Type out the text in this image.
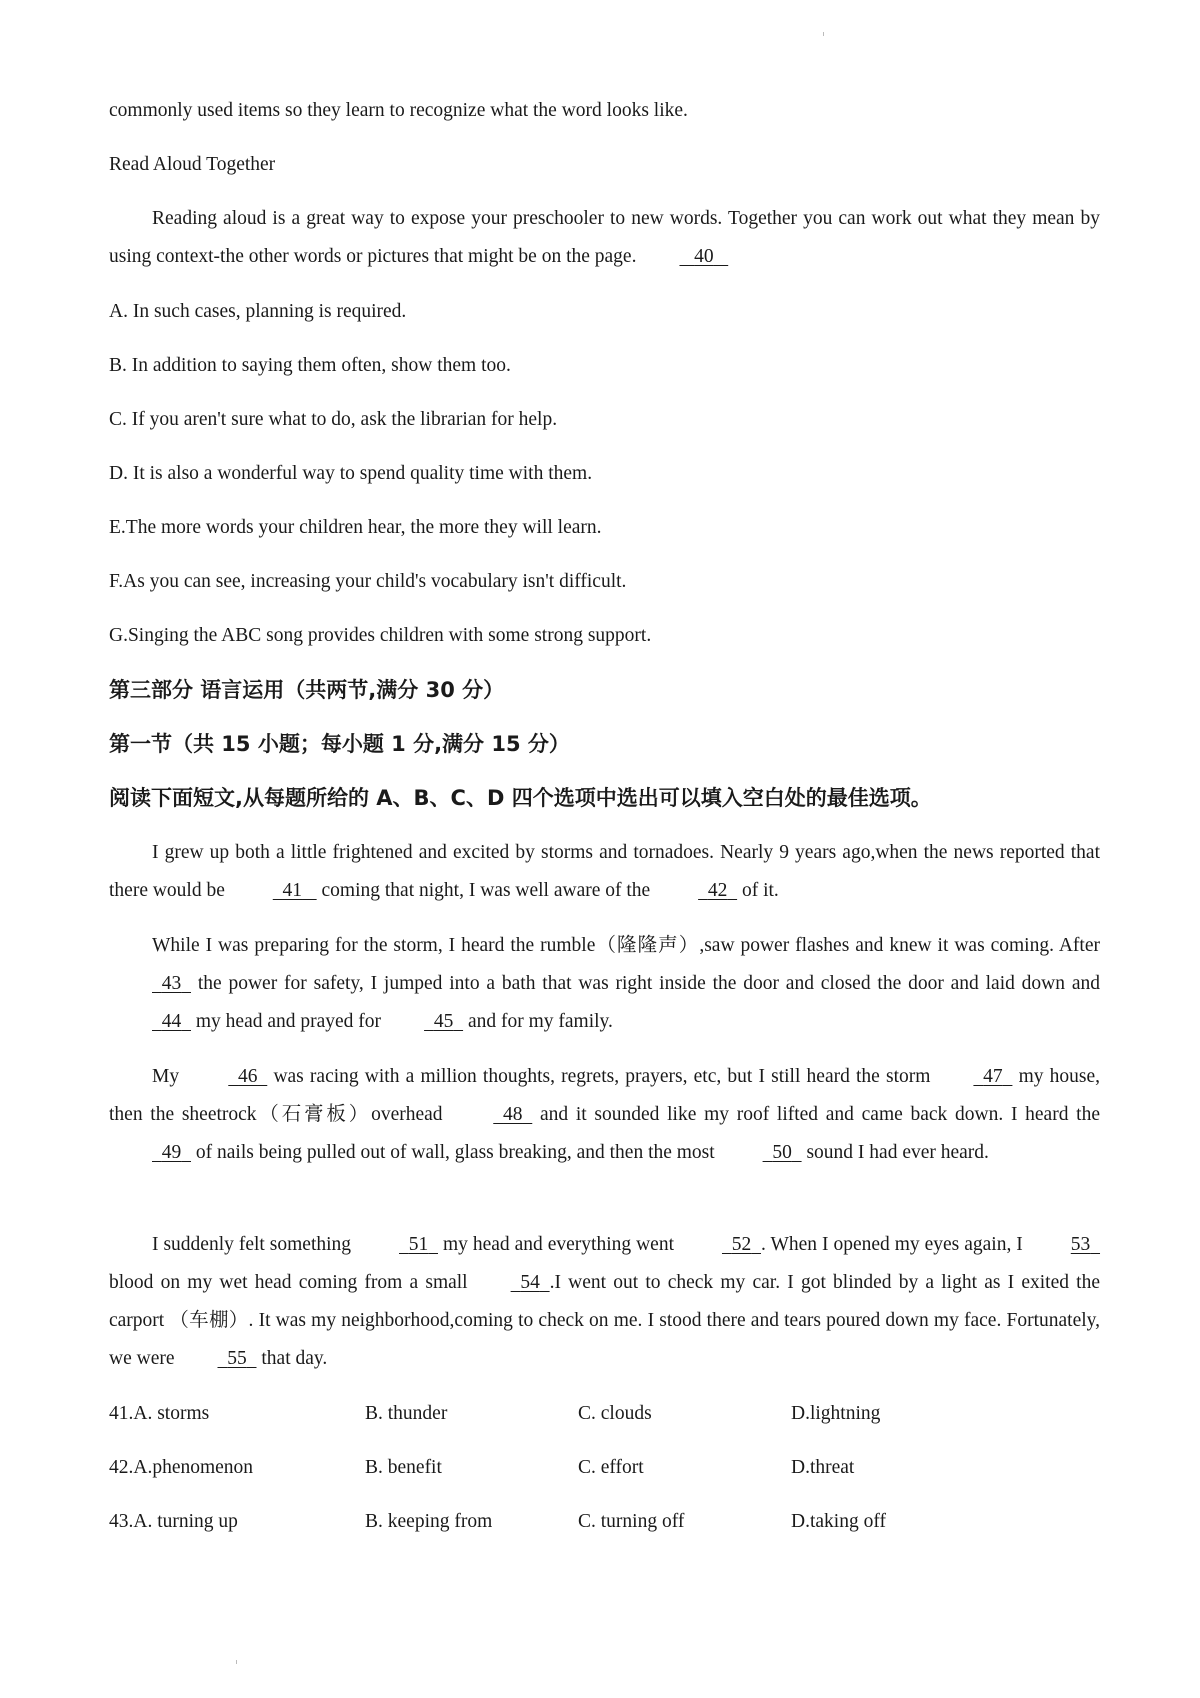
commonly used items so they learn to recognize what the word looks like.

Read Aloud Together

Reading aloud is a great way to expose your preschooler to new words. Together you can work out what they mean by using context-the other words or pictures that might be on the page.	40

A. In such cases, planning is required.

B. In addition to saying them often, show them too.

C. If you aren't sure what to do, ask the librarian for help.

D. It is also a wonderful way to spend quality time with them.

E.The more words your children hear, the more they will learn.

F.As you can see, increasing your child's vocabulary isn't difficult.

G.Singing the ABC song provides children with some strong support.

第三部分 语言运用（共两节,满分 30 分）

第一节（共 15 小题；每小题 1 分,满分 15 分）

阅读下面短文,从每题所给的 A、B、C、D 四个选项中选出可以填入空白处的最佳选项。

I grew up both a little frightened and excited by storms and tornadoes. Nearly 9 years ago,when the news reported that there would be	41 coming that night, I was well aware of the	42 of it.

While I was preparing for the storm, I heard the rumble（隆隆声）,saw power flashes and knew it was coming. After   43 the power for safety, I jumped into a bath that was right inside the door and closed the door and laid down and   44 my head and prayed for	45 and for my family.

My	46 was racing with a million thoughts, regrets, prayers, etc, but I still heard the storm	47 my house, then the sheetrock（石膏板）overhead	48 and it sounded like my roof lifted and came back down. I heard the   49 of nails being pulled out of wall, glass breaking, and then the most	50 sound I had ever heard.

I suddenly felt something	51 my head and everything went	52 . When I opened my eyes again, I 53   blood on my wet head coming from a small	54 .I went out to check my car. I got blinded by a light as I exited the carport （车棚）. It was my neighborhood,coming to check on me. I stood there and tears poured down my face. Fortunately, we were	55 that day.

41.A. storms	B. thunder	C. clouds	D.lightning
42.A.phenomenon	B. benefit	C. effort	D.threat
43.A. turning up	B. keeping from	C. turning off	D.taking off
